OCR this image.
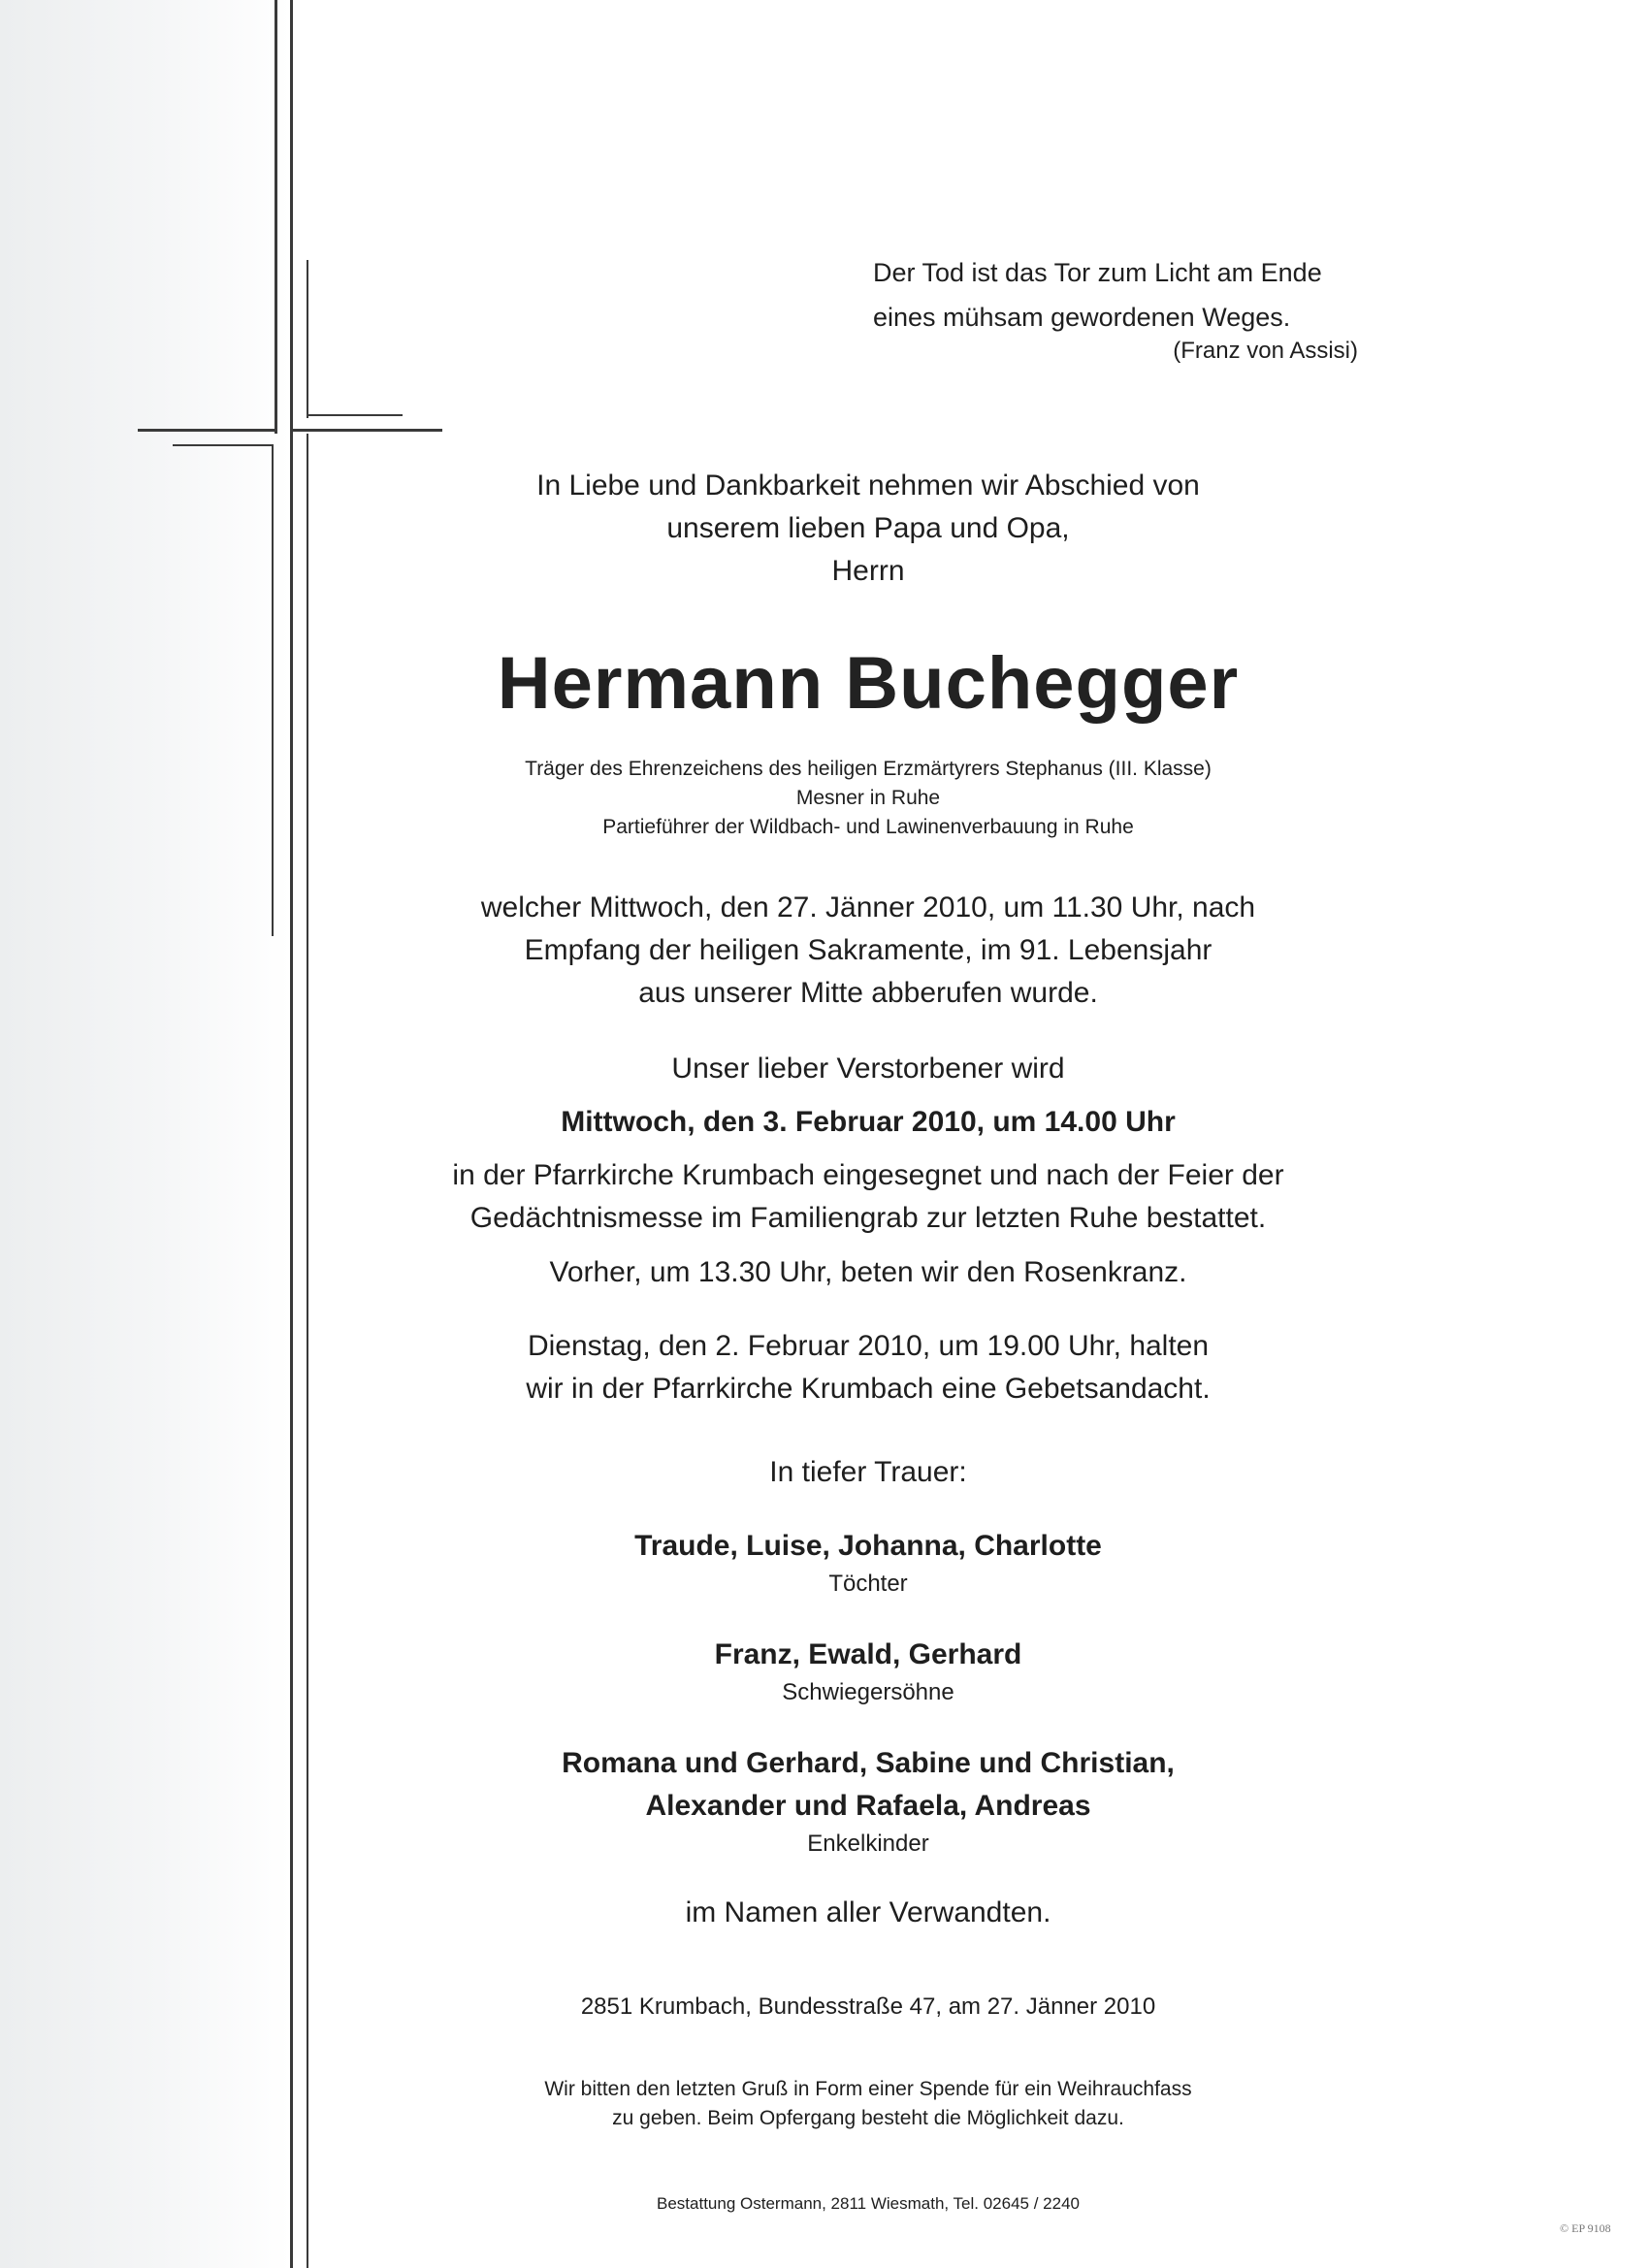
Der Tod ist das Tor zum Licht am Ende
eines mühsam gewordenen Weges.
(Franz von Assisi)
In Liebe und Dankbarkeit nehmen wir Abschied von
unserem lieben Papa und Opa,
Herrn
Hermann Buchegger
Träger des Ehrenzeichens des heiligen Erzmärtyrers Stephanus (III. Klasse)
Mesner in Ruhe
Partieführer der Wildbach- und Lawinenverbauung in Ruhe
welcher Mittwoch, den 27. Jänner 2010, um 11.30 Uhr, nach
Empfang der heiligen Sakramente, im 91. Lebensjahr
aus unserer Mitte abberufen wurde.
Unser lieber Verstorbener wird
Mittwoch, den 3. Februar 2010, um 14.00 Uhr
in der Pfarrkirche Krumbach eingesegnet und nach der Feier der
Gedächtnismesse im Familiengrab zur letzten Ruhe bestattet.
Vorher, um 13.30 Uhr, beten wir den Rosenkranz.
Dienstag, den 2. Februar 2010, um 19.00 Uhr, halten
wir in der Pfarrkirche Krumbach eine Gebetsandacht.
In tiefer Trauer:
Traude, Luise, Johanna, Charlotte
Töchter
Franz, Ewald, Gerhard
Schwiegersöhne
Romana und Gerhard, Sabine und Christian,
Alexander und Rafaela, Andreas
Enkelkinder
im Namen aller Verwandten.
2851 Krumbach, Bundesstraße 47, am 27. Jänner 2010
Wir bitten den letzten Gruß in Form einer Spende für ein Weihrauchfass
zu geben. Beim Opfergang besteht die Möglichkeit dazu.
Bestattung Ostermann, 2811 Wiesmath, Tel. 02645 / 2240
© EP 9108
